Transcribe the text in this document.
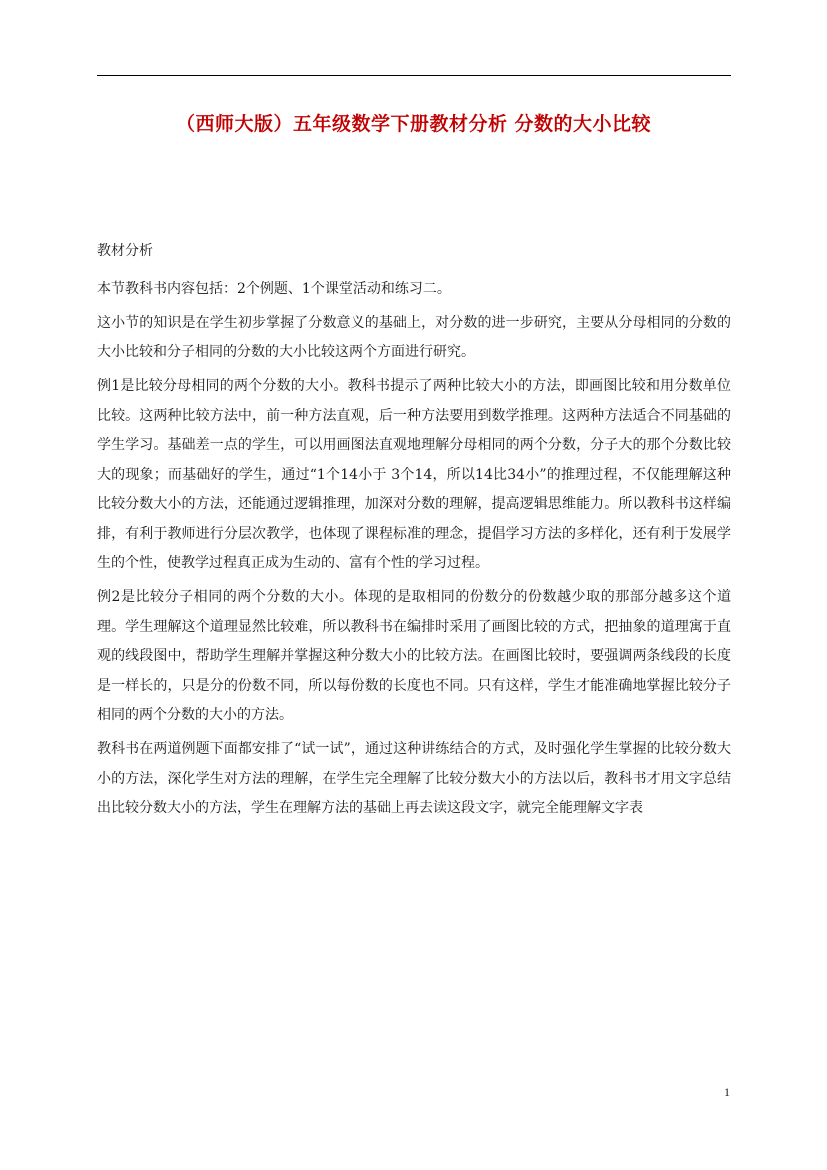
（西师大版）五年级数学下册教材分析 分数的大小比较

教材分析

本节教科书内容包括：2个例题、1个课堂活动和练习二。

这小节的知识是在学生初步掌握了分数意义的基础上，对分数的进一步研究，主要从分母相同的分数的大小比较和分子相同的分数的大小比较这两个方面进行研究。

例1是比较分母相同的两个分数的大小。教科书提示了两种比较大小的方法，即画图比较和用分数单位比较。这两种比较方法中，前一种方法直观，后一种方法要用到数学推理。这两种方法适合不同基础的学生学习。基础差一点的学生，可以用画图法直观地理解分母相同的两个分数，分子大的那个分数比较大的现象；而基础好的学生，通过“1个14小于 3个14，所以14比34小”的推理过程，不仅能理解这种比较分数大小的方法，还能通过逻辑推理，加深对分数的理解，提高逻辑思维能力。所以教科书这样编排，有利于教师进行分层次教学，也体现了课程标准的理念，提倡学习方法的多样化，还有利于发展学生的个性，使教学过程真正成为生动的、富有个性的学习过程。

例2是比较分子相同的两个分数的大小。体现的是取相同的份数分的份数越少取的那部分越多这个道理。学生理解这个道理显然比较难，所以教科书在编排时采用了画图比较的方式，把抽象的道理寓于直观的线段图中，帮助学生理解并掌握这种分数大小的比较方法。在画图比较时，要强调两条线段的长度是一样长的，只是分的份数不同，所以每份数的长度也不同。只有这样，学生才能准确地掌握比较分子相同的两个分数的大小的方法。

教科书在两道例题下面都安排了“试一试”，通过这种讲练结合的方式，及时强化学生掌握的比较分数大小的方法，深化学生对方法的理解，在学生完全理解了比较分数大小的方法以后，教科书才用文字总结出比较分数大小的方法，学生在理解方法的基础上再去读这段文字，就完全能理解文字表

1
